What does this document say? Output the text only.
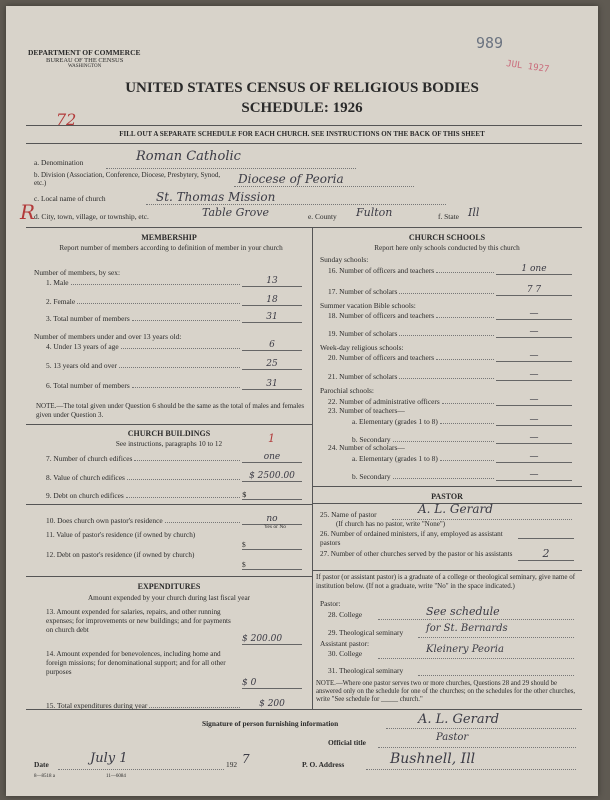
DEPARTMENT OF COMMERCE
BUREAU OF THE CENSUS
WASHINGTON
989
JUL 1927
UNITED STATES CENSUS OF RELIGIOUS BODIES
SCHEDULE: 1926
72
FILL OUT A SEPARATE SCHEDULE FOR EACH CHURCH. SEE INSTRUCTIONS ON THE BACK OF THIS SHEET
a. Denomination	Roman Catholic
b. Division (Association, Conference, Diocese, Presbytery, Synod, etc.)	Diocese of Peoria
c. Local name of church	St. Thomas Mission
R
d. City, town, village, or township, etc.	Table Grove	e. County Fulton	f. State Ill
MEMBERSHIP
Report number of members according to definition of member in your church
Number of members, by sex:
1. Male	13
2. Female	18
3. Total number of members	31
Number of members under and over 13 years old:
4. Under 13 years of age	6
5. 13 years old and over	25
6. Total number of members	31
NOTE.—The total given under Question 6 should be the same as the total of males and females given under Question 3.
CHURCH BUILDINGS
See instructions, paragraphs 10 to 12	1
7. Number of church edifices	one
8. Value of church edifices	$ 2500.00
9. Debt on church edifices	$
10. Does church own pastor's residence	no
Yes or No
11. Value of pastor's residence (if owned by church)
$
12. Debt on pastor's residence (if owned by church)
$
EXPENDITURES
Amount expended by your church during last fiscal year
13. Amount expended for salaries, repairs, and other running expenses; for improvements or new buildings; and for payments on church debt
$ 200.00
14. Amount expended for benevolences, including home and foreign missions; for denominational support; and for all other purposes
$ 0
15. Total expenditures during year	$ 200
CHURCH SCHOOLS
Report here only schools conducted by this church
Sunday schools:
16. Number of officers and teachers	1 one
17. Number of scholars	7 7
Summer vacation Bible schools:
18. Number of officers and teachers	—
19. Number of scholars	—
Week-day religious schools:
20. Number of officers and teachers	—
21. Number of scholars	—
Parochial schools:
22. Number of administrative officers	—
23. Number of teachers—
a. Elementary (grades 1 to 8)	—
b. Secondary	—
24. Number of scholars—
a. Elementary (grades 1 to 8)	—
b. Secondary	—
PASTOR
25. Name of pastor	A. L. Gerard
(If church has no pastor, write "None")
26. Number of ordained ministers, if any, employed as assistant pastors
27. Number of other churches served by the pastor or his assistants	2
If pastor (or assistant pastor) is a graduate of a college or theological seminary, give name of institution below. (If not a graduate, write "No" in the space indicated.)
Pastor:
28. College	See schedule
29. Theological seminary for St. Bernards
Assistant pastor:
30. College	Kleinery Peoria
31. Theological seminary
NOTE.—Where one pastor serves two or more churches, Questions 28 and 29 should be answered only on the schedule for one of the churches; on the schedules for the other churches, write "See schedule for _____ church."
Signature of person furnishing information	A. L. Gerard
Official title	Pastor
Date	July 1	192 7	P. O. Address	Bushnell, Ill
8—8518 a	11—6084
